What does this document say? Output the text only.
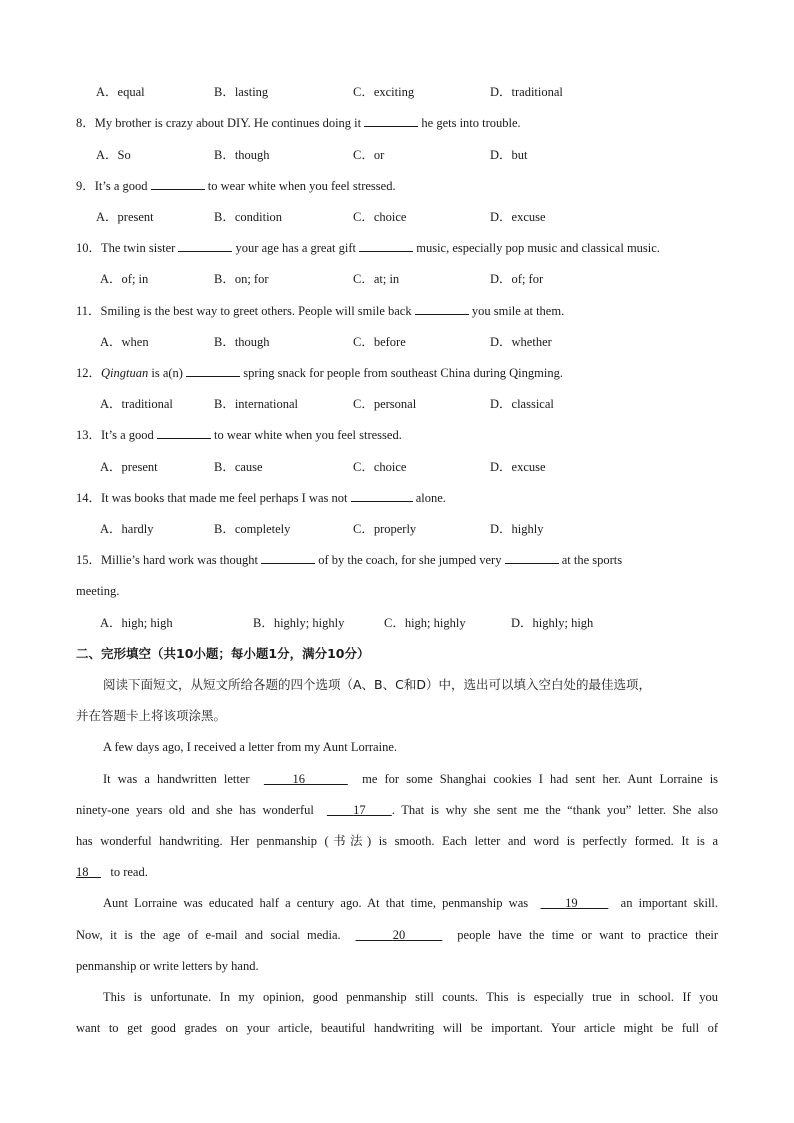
A．equal	B．lasting	C．exciting	D．traditional
8．My brother is crazy about DIY. He continues doing it	he gets into trouble.
A．So	B．though	C．or	D．but
9．It’s a good	to wear white when you feel stressed.
A．present	B．condition	C．choice	D．excuse
10．The twin sister	your age has a great gift	music, especially pop music and classical music.
A．of; in	B．on; for	C．at; in	D．of; for
11．Smiling is the best way to greet others. People will smile back	you smile at them.
A．when	B．though	C．before	D．whether
12．Qingtuan is a(n)	spring snack for people from southeast China during Qingming.
A．traditional	B．international	C．personal	D．classical
13．It’s a good	to wear white when you feel stressed.
A．present	B．cause	C．choice	D．excuse
14．It was books that made me feel perhaps I was not	alone.
A．hardly	B．completely	C．properly	D．highly
15．Millie’s hard work was thought	of by the coach, for she jumped very	at the sports
meeting.
A．high; high	B．highly; highly	C．high; highly	D．highly; high
二、完形填空（共10小题；每小题1分，满分10分）
阅读下面短文，从短文所给各题的四个选项（A、B、C和D）中，选出可以填入空白处的最佳选项，
并在答题卡上将该项涂黑。
A few days ago, I received a letter from my Aunt Lorraine.
It was a handwritten letter	16	me for some Shanghai cookies I had sent her. Aunt Lorraine is
ninety-one years old and she has wonderful	17 . That is why she sent me the “thank you” letter. She also
has wonderful handwriting. Her penmanship (书法) is smooth. Each letter and word is perfectly formed. It is a
18 to read.
Aunt Lorraine was educated half a century ago. At that time, penmanship was	19	an important skill.
Now, it is the age of e-mail and social media.	20	people have the time or want to practice their
penmanship or write letters by hand.
This is unfortunate. In my opinion, good penmanship still counts. This is especially true in school. If you
want to get good grades on your article, beautiful handwriting will be important. Your article might be full of
